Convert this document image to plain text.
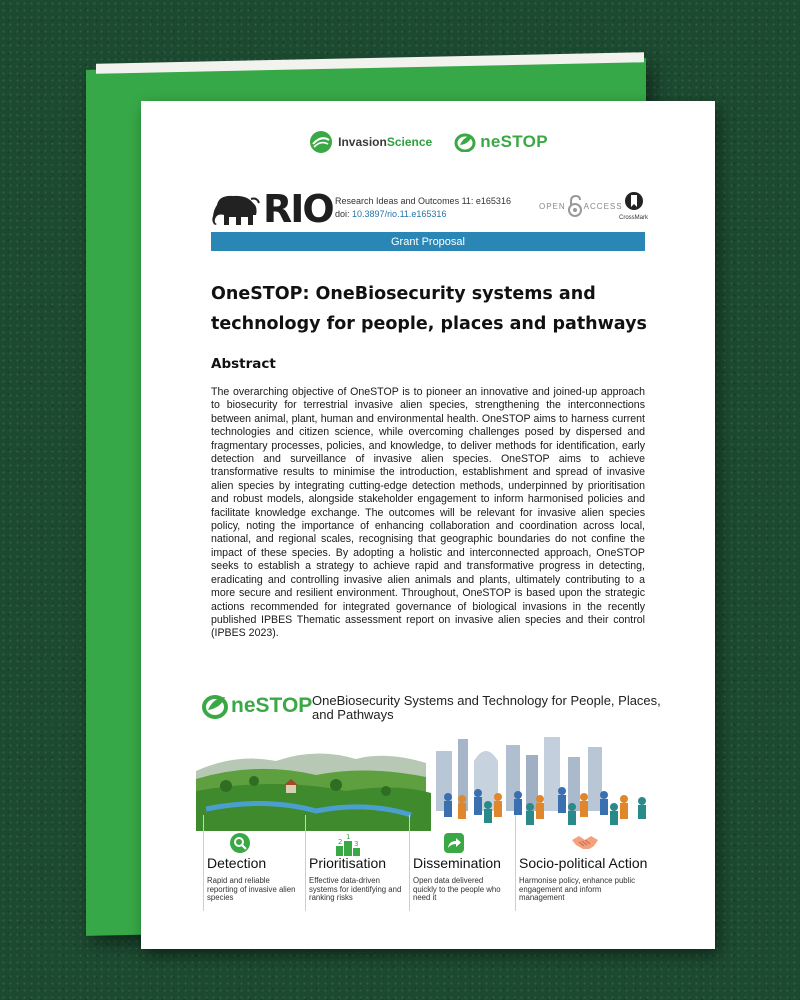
InvasionScience	neSTOP
RIO Research Ideas and Outcomes 11: e165316
doi: 10.3897/rio.11.e165316
OPEN ACCESS
CrossMark
Grant Proposal
OneSTOP: OneBiosecurity systems and technology for people, places and pathways
Abstract
The overarching objective of OneSTOP is to pioneer an innovative and joined-up approach to biosecurity for terrestrial invasive alien species, strengthening the interconnections between animal, plant, human and environmental health. OneSTOP aims to harness current technologies and citizen science, while overcoming challenges posed by dispersed and fragmentary processes, policies, and knowledge, to deliver methods for identification, early detection and surveillance of invasive alien species. OneSTOP aims to achieve transformative results to minimise the introduction, establishment and spread of invasive alien species by integrating cutting-edge detection methods, underpinned by prioritisation and robust models, alongside stakeholder engagement to inform harmonised policies and facilitate knowledge exchange. The outcomes will be relevant for invasive alien species policy, noting the importance of enhancing collaboration and coordination across local, national, and regional scales, recognising that geographic boundaries do not confine the impact of these species. By adopting a holistic and interconnected approach, OneSTOP seeks to establish a strategy to achieve rapid and transformative progress in detecting, eradicating and controlling invasive alien animals and plants, ultimately contributing to a more secure and resilient environment. Throughout, OneSTOP is based upon the strategic actions recommended for integrated governance of biological invasions in the recently published IPBES Thematic assessment report on invasive alien species and their control (IPBES 2023).
neSTOP OneBiosecurity Systems and Technology for People, Places, and Pathways
Detection
Rapid and reliable reporting of invasive alien species
2
1
3
Prioritisation
Effective data-driven systems for identifying and ranking risks
Dissemination
Open data delivered quickly to the people who need it
Socio-political Action
Harmonise policy, enhance public engagement and inform management
